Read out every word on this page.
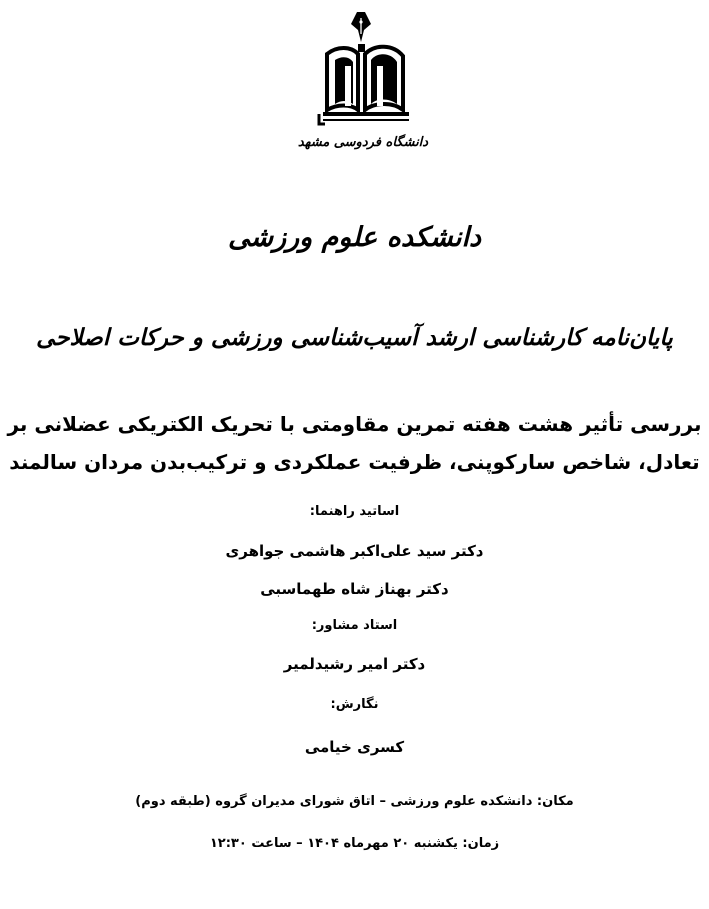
دانشگاه فردوسی مشهد
دانشکده علوم ورزشی
پایان‌نامه کارشناسی ارشد آسیب‌شناسی ورزشی و حرکات اصلاحی
بررسی تأثیر هشت هفته تمرین مقاومتی با تحریک الکتریکی عضلانی بر
تعادل، شاخص سارکوپنی، ظرفیت عملکردی و ترکیب‌بدن مردان سالمند
اساتید راهنما:
دکتر سید علی‌اکبر هاشمی جواهری
دکتر بهناز شاه طهماسبی
استاد مشاور:
دکتر امیر رشیدلمیر
نگارش:
کسری خیامی
مکان: دانشکده علوم ورزشی – اتاق شورای مدیران گروه (طبقه دوم)
زمان: یکشنبه ۲۰ مهرماه ۱۴۰۴ – ساعت ۱۲:۳۰
